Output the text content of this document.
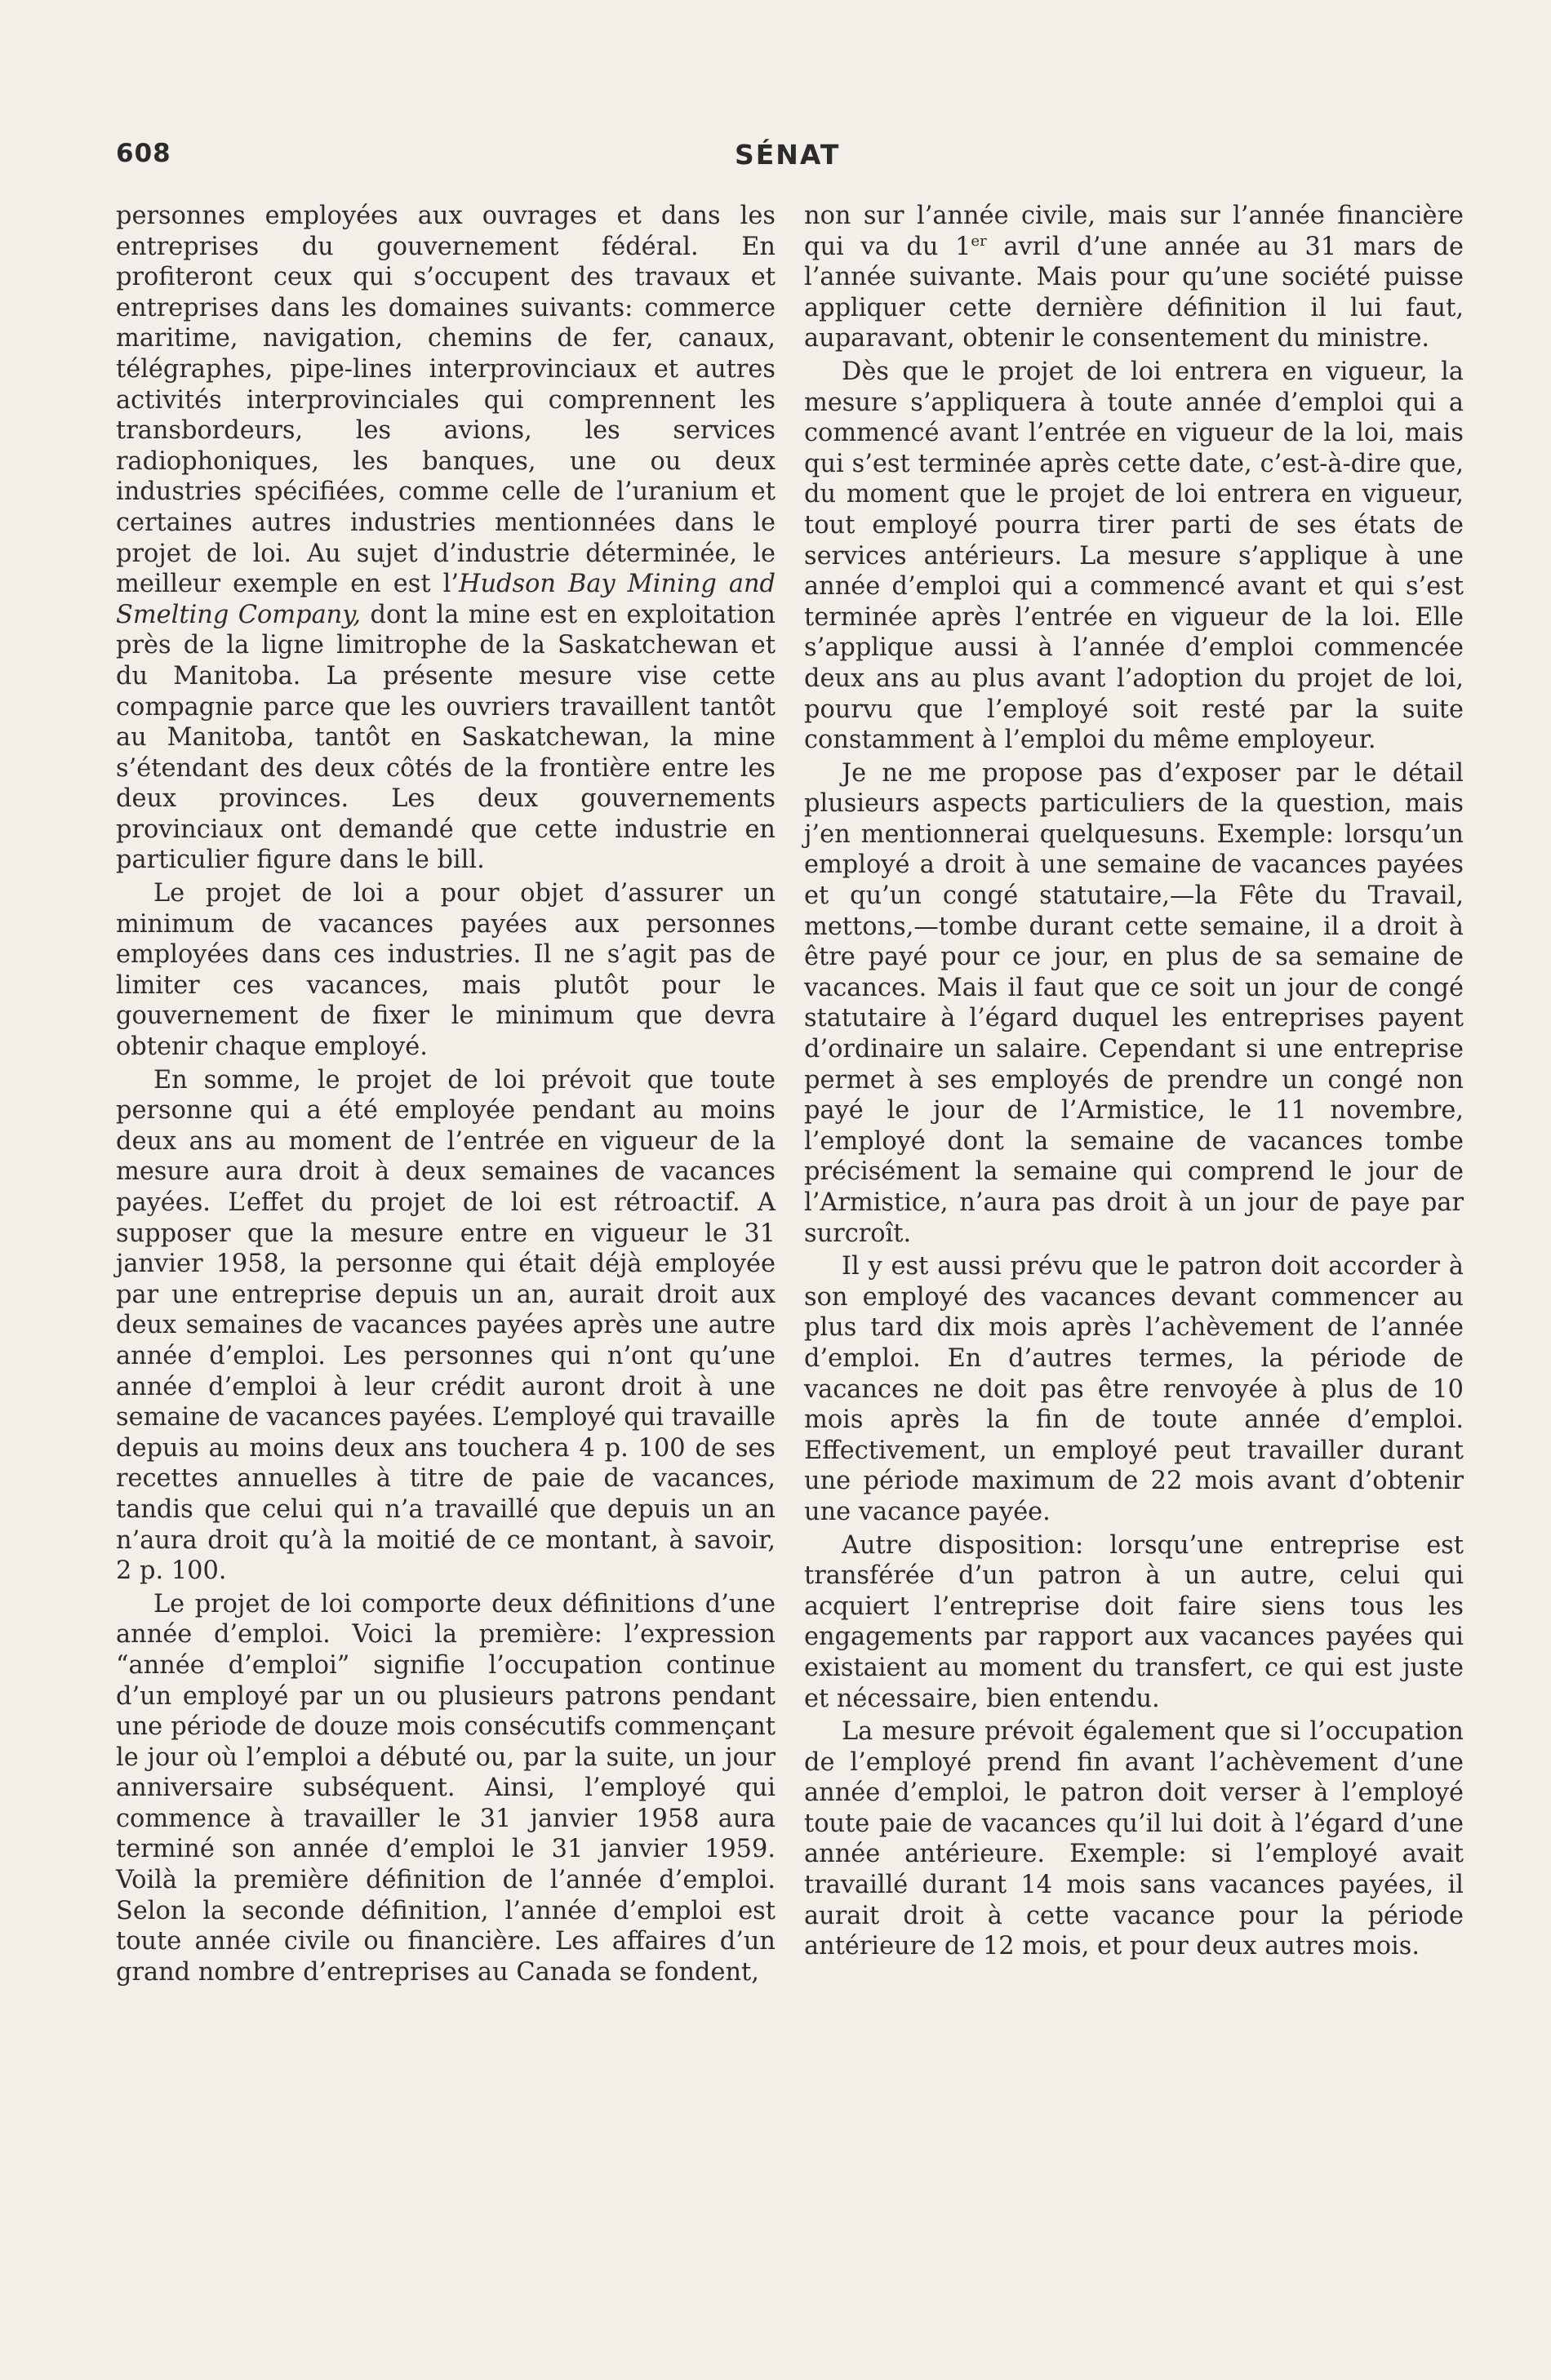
608	SÉNAT

personnes employées aux ouvrages et dans les entreprises du gouvernement fédéral. En profiteront ceux qui s’occupent des travaux et entreprises dans les domaines suivants: commerce maritime, navigation, chemins de fer, canaux, télégraphes, pipe-lines interprovinciaux et autres activités interprovinciales qui comprennent les transbordeurs, les avions, les services radiophoniques, les banques, une ou deux industries spécifiées, comme celle de l’uranium et certaines autres industries mentionnées dans le projet de loi. Au sujet d’industrie déterminée, le meilleur exemple en est l’Hudson Bay Mining and Smelting Company, dont la mine est en exploitation près de la ligne limitrophe de la Saskatchewan et du Manitoba. La présente mesure vise cette compagnie parce que les ouvriers travaillent tantôt au Manitoba, tantôt en Saskatchewan, la mine s’étendant des deux côtés de la frontière entre les deux provinces. Les deux gouvernements provinciaux ont demandé que cette industrie en particulier figure dans le bill.

Le projet de loi a pour objet d’assurer un minimum de vacances payées aux personnes employées dans ces industries. Il ne s’agit pas de limiter ces vacances, mais plutôt pour le gouvernement de fixer le minimum que devra obtenir chaque employé.

En somme, le projet de loi prévoit que toute personne qui a été employée pendant au moins deux ans au moment de l’entrée en vigueur de la mesure aura droit à deux semaines de vacances payées. L’effet du projet de loi est rétroactif. A supposer que la mesure entre en vigueur le 31 janvier 1958, la personne qui était déjà employée par une entreprise depuis un an, aurait droit aux deux semaines de vacances payées après une autre année d’emploi. Les personnes qui n’ont qu’une année d’emploi à leur crédit auront droit à une semaine de vacances payées. L’employé qui travaille depuis au moins deux ans touchera 4 p. 100 de ses recettes annuelles à titre de paie de vacances, tandis que celui qui n’a travaillé que depuis un an n’aura droit qu’à la moitié de ce montant, à savoir, 2 p. 100.

Le projet de loi comporte deux définitions d’une année d’emploi. Voici la première: l’expression “année d’emploi” signifie l’occupation continue d’un employé par un ou plusieurs patrons pendant une période de douze mois consécutifs commençant le jour où l’emploi a débuté ou, par la suite, un jour anniversaire subséquent. Ainsi, l’employé qui commence à travailler le 31 janvier 1958 aura terminé son année d’emploi le 31 janvier 1959. Voilà la première définition de l’année d’emploi. Selon la seconde définition, l’année d’emploi est toute année civile ou financière. Les affaires d’un grand nombre d’entreprises au Canada se fondent,

non sur l’année civile, mais sur l’année financière qui va du 1er avril d’une année au 31 mars de l’année suivante. Mais pour qu’une société puisse appliquer cette dernière définition il lui faut, auparavant, obtenir le consentement du ministre.

Dès que le projet de loi entrera en vigueur, la mesure s’appliquera à toute année d’emploi qui a commencé avant l’entrée en vigueur de la loi, mais qui s’est terminée après cette date, c’est-à-dire que, du moment que le projet de loi entrera en vigueur, tout employé pourra tirer parti de ses états de services antérieurs. La mesure s’applique à une année d’emploi qui a commencé avant et qui s’est terminée après l’entrée en vigueur de la loi. Elle s’applique aussi à l’année d’emploi commencée deux ans au plus avant l’adoption du projet de loi, pourvu que l’employé soit resté par la suite constamment à l’emploi du même employeur.

Je ne me propose pas d’exposer par le détail plusieurs aspects particuliers de la question, mais j’en mentionnerai quelquesuns. Exemple: lorsqu’un employé a droit à une semaine de vacances payées et qu’un congé statutaire,—la Fête du Travail, mettons,—tombe durant cette semaine, il a droit à être payé pour ce jour, en plus de sa semaine de vacances. Mais il faut que ce soit un jour de congé statutaire à l’égard duquel les entreprises payent d’ordinaire un salaire. Cependant si une entreprise permet à ses employés de prendre un congé non payé le jour de l’Armistice, le 11 novembre, l’employé dont la semaine de vacances tombe précisément la semaine qui comprend le jour de l’Armistice, n’aura pas droit à un jour de paye par surcroît.

Il y est aussi prévu que le patron doit accorder à son employé des vacances devant commencer au plus tard dix mois après l’achèvement de l’année d’emploi. En d’autres termes, la période de vacances ne doit pas être renvoyée à plus de 10 mois après la fin de toute année d’emploi. Effectivement, un employé peut travailler durant une période maximum de 22 mois avant d’obtenir une vacance payée.

Autre disposition: lorsqu’une entreprise est transférée d’un patron à un autre, celui qui acquiert l’entreprise doit faire siens tous les engagements par rapport aux vacances payées qui existaient au moment du transfert, ce qui est juste et nécessaire, bien entendu.

La mesure prévoit également que si l’occupation de l’employé prend fin avant l’achèvement d’une année d’emploi, le patron doit verser à l’employé toute paie de vacances qu’il lui doit à l’égard d’une année antérieure. Exemple: si l’employé avait travaillé durant 14 mois sans vacances payées, il aurait droit à cette vacance pour la période antérieure de 12 mois, et pour deux autres mois.
